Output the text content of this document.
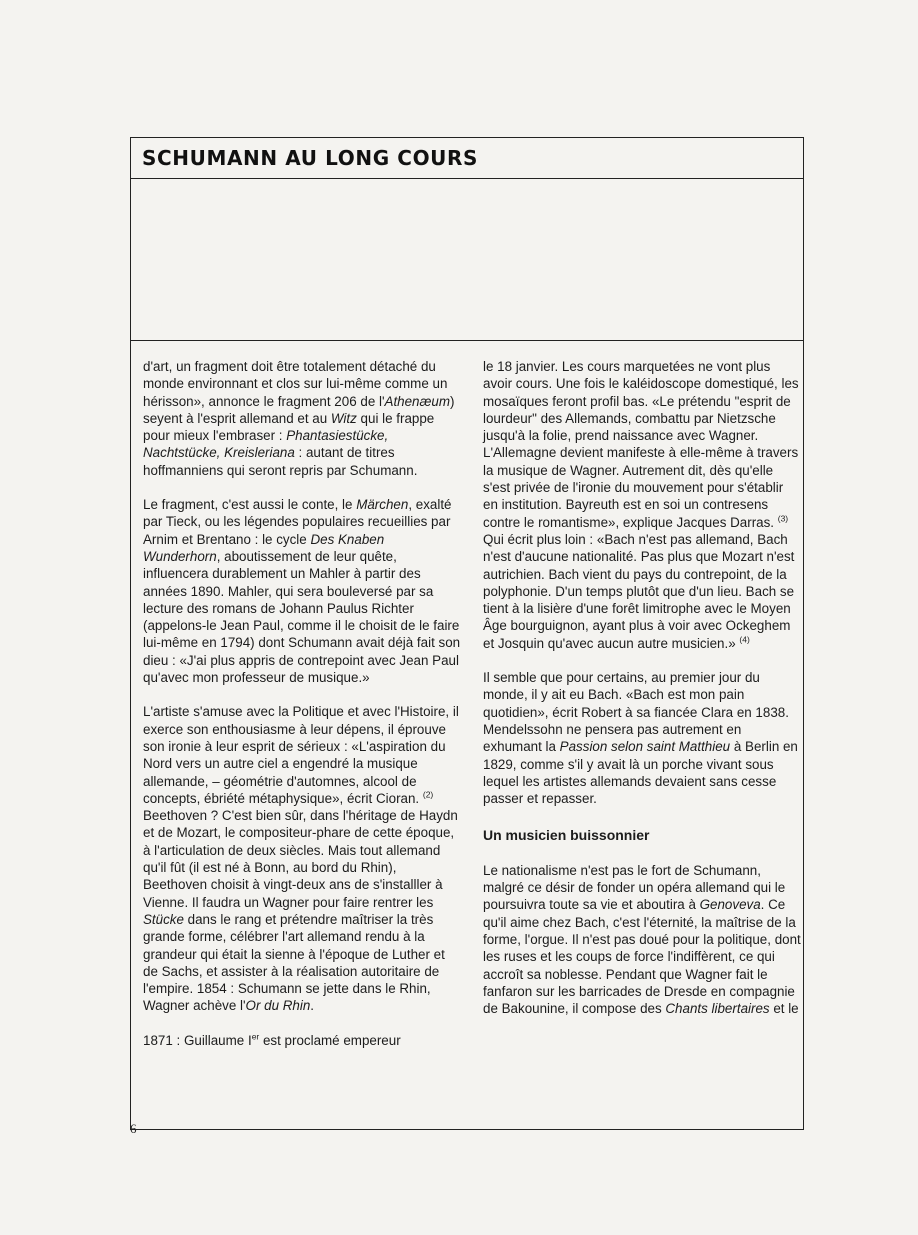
SCHUMANN AU LONG COURS

d'art, un fragment doit être totalement détaché du monde environnant et clos sur lui-même comme un hérisson», annonce le fragment 206 de l'Athenæum) seyent à l'esprit allemand et au Witz qui le frappe pour mieux l'embraser : Phantasiestücke, Nachtstücke, Kreisleriana : autant de titres hoffmanniens qui seront repris par Schumann.

Le fragment, c'est aussi le conte, le Märchen, exalté par Tieck, ou les légendes populaires recueillies par Arnim et Brentano : le cycle Des Knaben Wunderhorn, aboutissement de leur quête, influencera durablement un Mahler à partir des années 1890. Mahler, qui sera bouleversé par sa lecture des romans de Johann Paulus Richter (appelons-le Jean Paul, comme il le choisit de le faire lui-même en 1794) dont Schumann avait déjà fait son dieu : «J'ai plus appris de contrepoint avec Jean Paul qu'avec mon professeur de musique.»

L'artiste s'amuse avec la Politique et avec l'Histoire, il exerce son enthousiasme à leur dépens, il éprouve son ironie à leur esprit de sérieux : «L'aspiration du Nord vers un autre ciel a engendré la musique allemande, – géométrie d'automnes, alcool de concepts, ébriété métaphysique», écrit Cioran. $^{(2)}$ Beethoven ? C'est bien sûr, dans l'héritage de Haydn et de Mozart, le compositeur-phare de cette époque, à l'articulation de deux siècles. Mais tout allemand qu'il fût (il est né à Bonn, au bord du Rhin), Beethoven choisit à vingt-deux ans de s'installler à Vienne. Il faudra un Wagner pour faire rentrer les Stücke dans le rang et prétendre maîtriser la très grande forme, célébrer l'art allemand rendu à la grandeur qui était la sienne à l'époque de Luther et de Sachs, et assister à la réalisation autoritaire de l'empire. 1854 : Schumann se jette dans le Rhin, Wagner achève l'Or du Rhin.

1871 : Guillaume Ier est proclamé empereur

le 18 janvier. Les cours marquetées ne vont plus avoir cours. Une fois le kaléidoscope domestiqué, les mosaïques feront profil bas. «Le prétendu "esprit de lourdeur" des Allemands, combattu par Nietzsche jusqu'à la folie, prend naissance avec Wagner. L'Allemagne devient manifeste à elle-même à travers la musique de Wagner. Autrement dit, dès qu'elle s'est privée de l'ironie du mouvement pour s'établir en institution. Bayreuth est en soi un contresens contre le romantisme», explique Jacques Darras. $^{(3)}$ Qui écrit plus loin : «Bach n'est pas allemand, Bach n'est d'aucune nationalité. Pas plus que Mozart n'est autrichien. Bach vient du pays du contrepoint, de la polyphonie. D'un temps plutôt que d'un lieu. Bach se tient à la lisière d'une forêt limitrophe avec le Moyen Âge bourguignon, ayant plus à voir avec Ockeghem et Josquin qu'avec aucun autre musicien.» $^{(4)}$

Il semble que pour certains, au premier jour du monde, il y ait eu Bach. «Bach est mon pain quotidien», écrit Robert à sa fiancée Clara en 1838. Mendelssohn ne pensera pas autrement en exhumant la Passion selon saint Matthieu à Berlin en 1829, comme s'il y avait là un porche vivant sous lequel les artistes allemands devaient sans cesse passer et repasser.

Un musicien buissonnier

Le nationalisme n'est pas le fort de Schumann, malgré ce désir de fonder un opéra allemand qui le poursuivra toute sa vie et aboutira à Genoveva. Ce qu'il aime chez Bach, c'est l'éternité, la maîtrise de la forme, l'orgue. Il n'est pas doué pour la politique, dont les ruses et les coups de force l'indiffèrent, ce qui accroît sa noblesse. Pendant que Wagner fait le fanfaron sur les barricades de Dresde en compagnie de Bakounine, il compose des Chants libertaires et le

6
